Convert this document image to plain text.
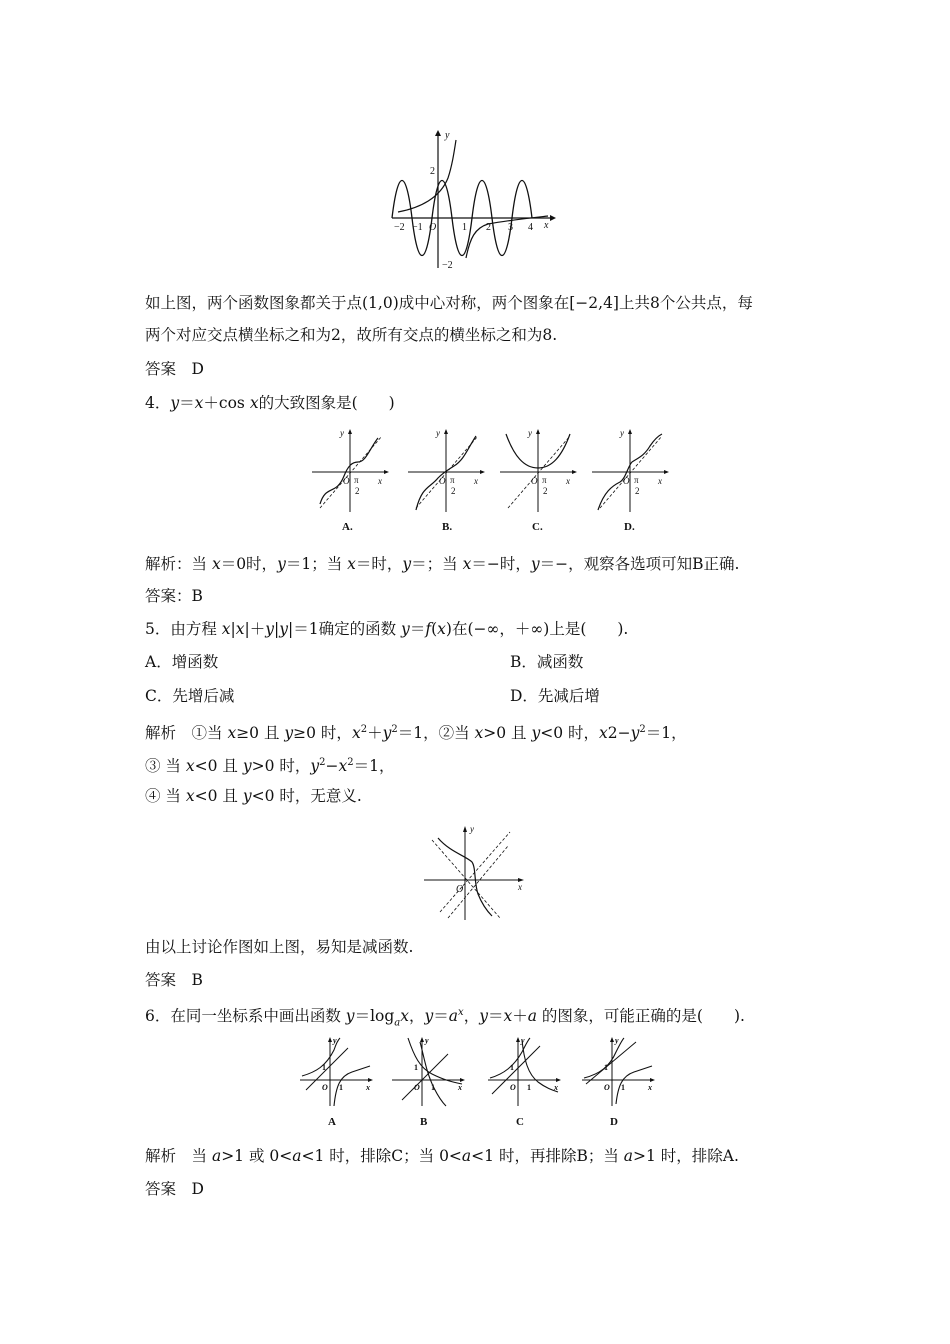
y
x
O
2
−2
−2 −1	1 2 3 4
如上图，两个函数图象都关于点(1,0)成中心对称，两个图象在[−2,4]上共8个公共点，每
两个对应交点横坐标之和为2，故所有交点的横坐标之和为8.
答案　D
4．y＝x＋cos x的大致图象是(　　)
y
x
O π
2
A.
y
x
O π
2
B.
y
x
O π
2
C.
y
x
O π
2
D.
解析：当 x＝0时，y＝1；当 x＝时，y＝；当 x＝−时，y＝−，观察各选项可知B正确.
答案：B
5．由方程 x|x|＋y|y|＝1确定的函数 y＝f(x)在(−∞，＋∞)上是(　　).
A．增函数	B．减函数
C．先增后减	D．先减后增
解析　①当 x≥0 且 y≥0 时，$x^2+y^2=1$，②当 x>0 且 y<0 时，$x2-y^2=1$，
③ 当 x<0 且 y>0 时，$y^2-x^2=1$，
④ 当 x<0 且 y<0 时，无意义.
y
x
O
由以上讨论作图如上图，易知是减函数.
答案　B
6．在同一坐标系中画出函数 $y=\log_ax$，$y=a^x$，y＝x＋a 的图象，可能正确的是(　　).
y
x
O
1
1
A
y
x
O
1
1
B
y
x
O
1
1
C
y
x
O
1
1
D
解析　当 a>1 或 0<a<1 时，排除C；当 0<a<1 时，再排除B；当 a>1 时，排除A.
答案　D
